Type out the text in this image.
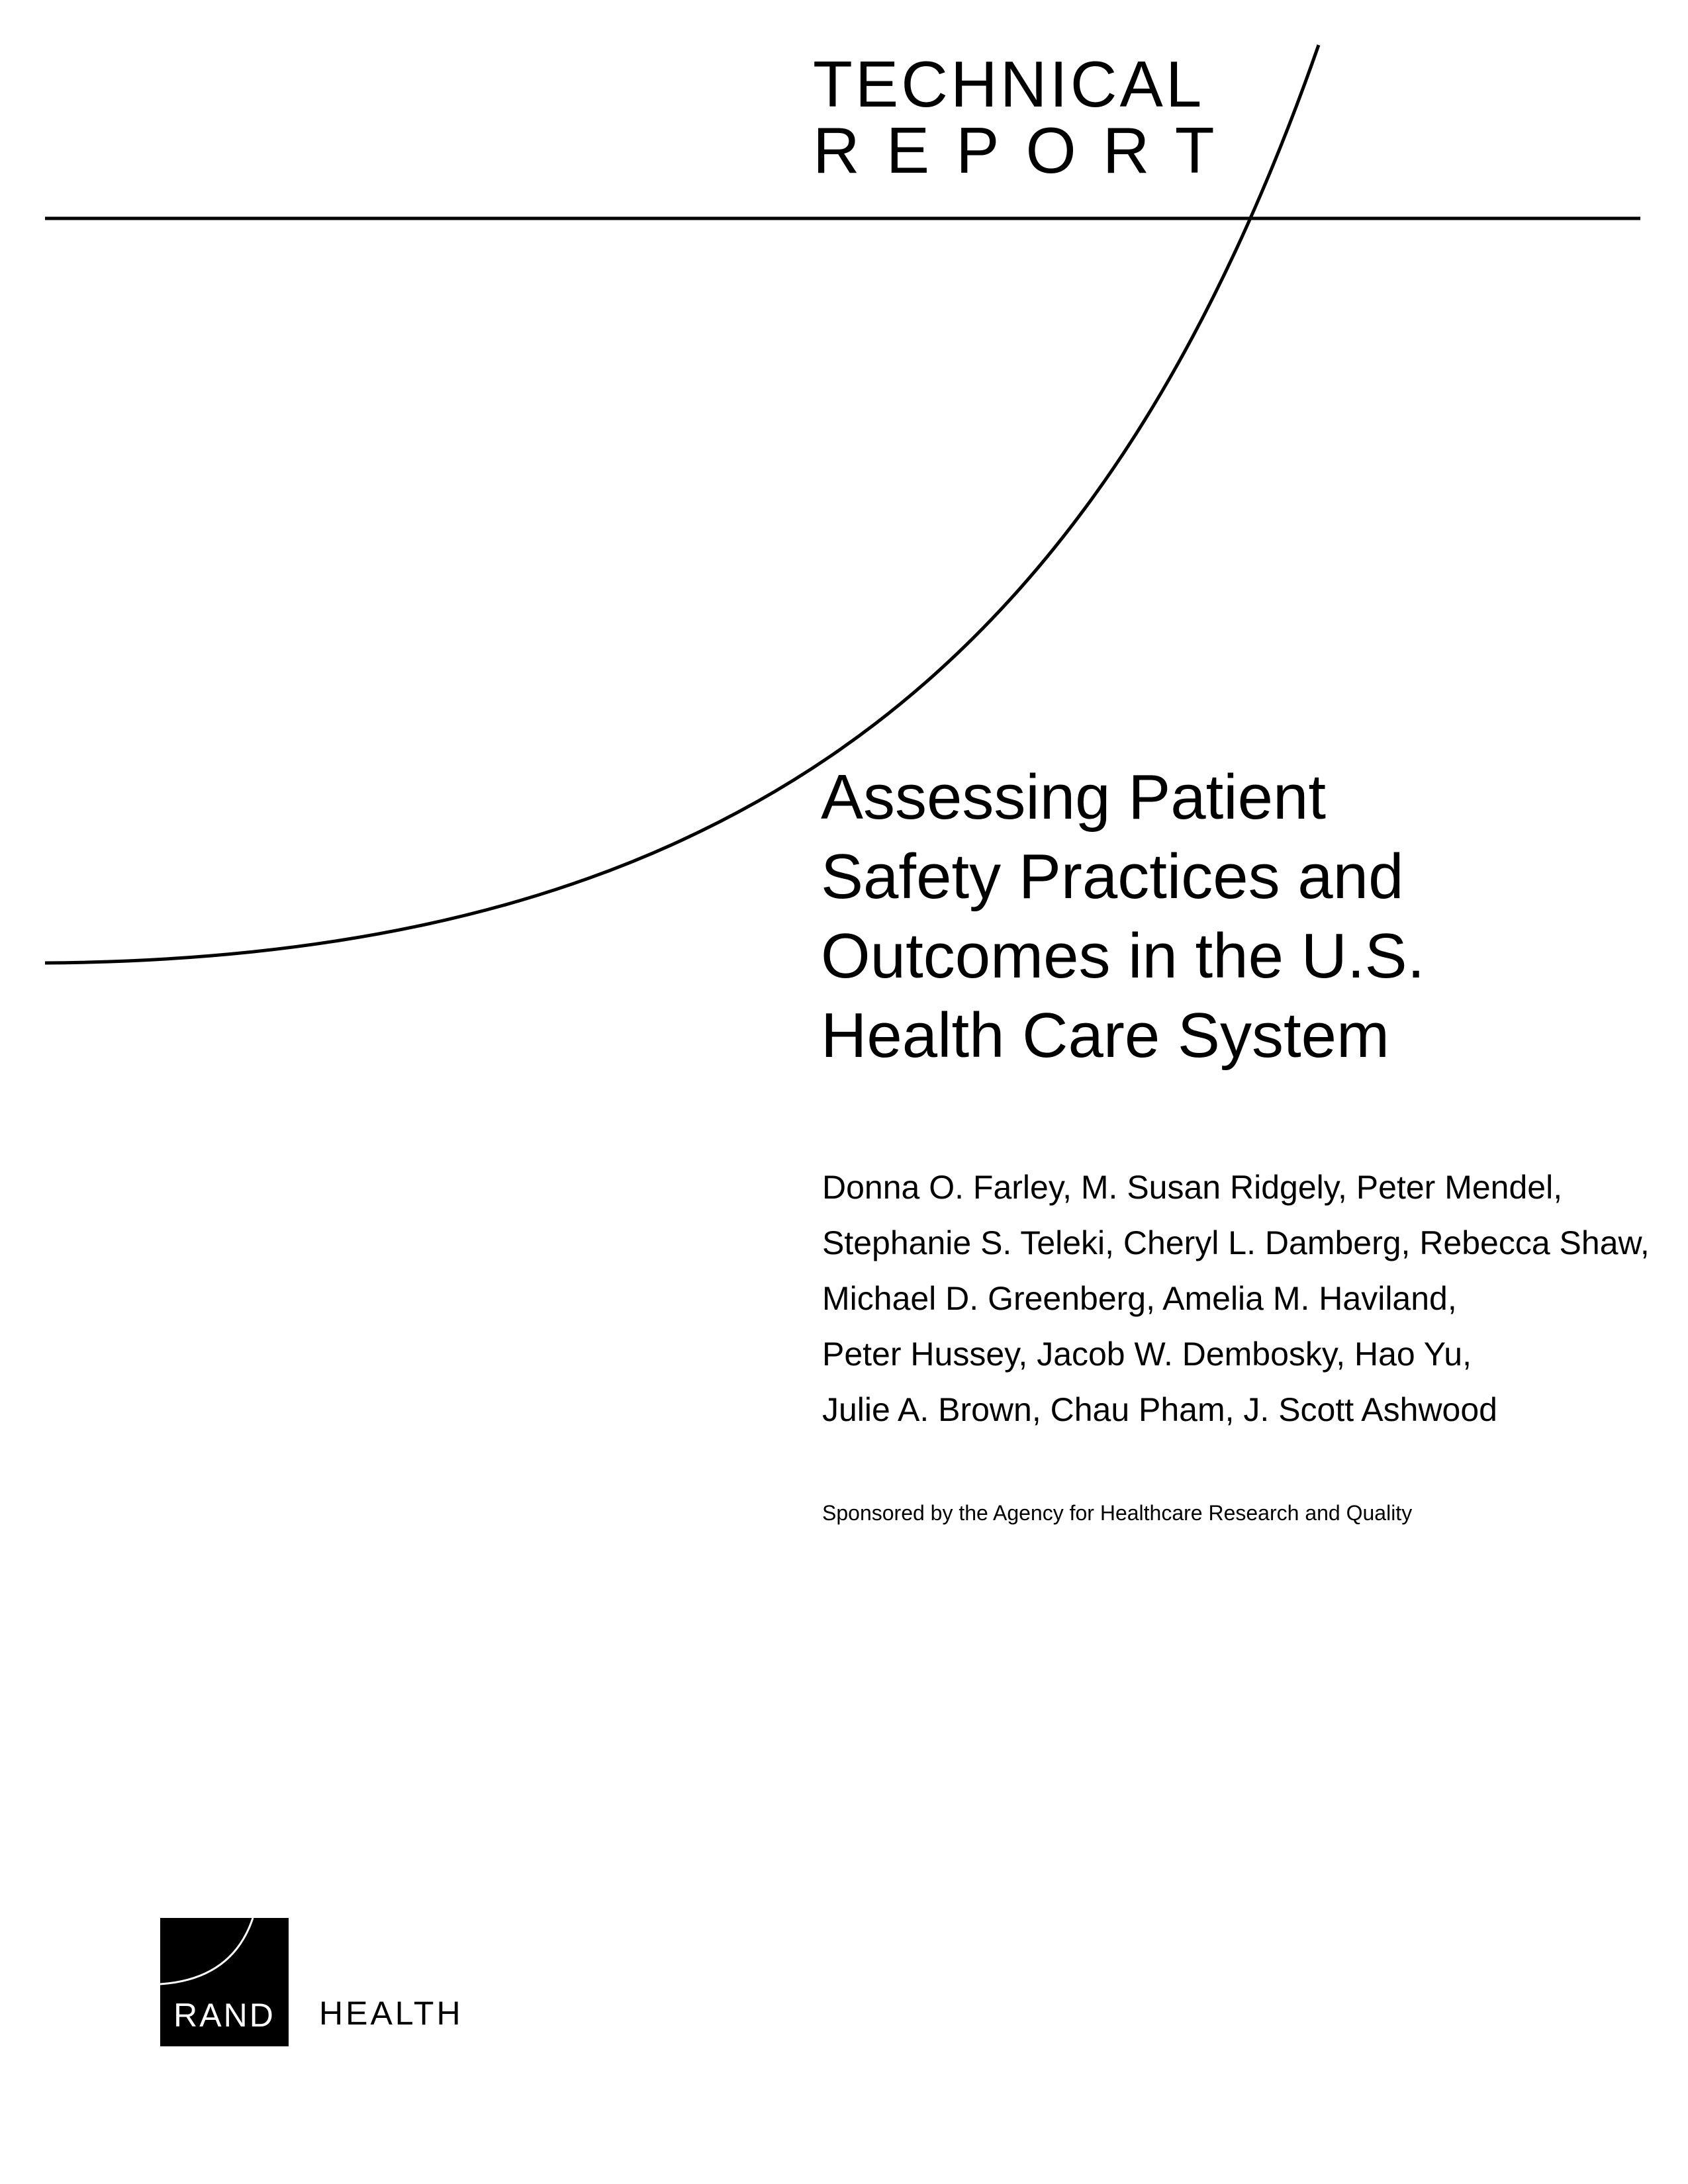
TECHNICAL
REPORT
Assessing Patient
Safety Practices and
Outcomes in the U.S.
Health Care System
Donna O. Farley, M. Susan Ridgely, Peter Mendel,
Stephanie S. Teleki, Cheryl L. Damberg, Rebecca Shaw,
Michael D. Greenberg, Amelia M. Haviland,
Peter Hussey, Jacob W. Dembosky, Hao Yu,
Julie A. Brown, Chau Pham, J. Scott Ashwood
Sponsored by the Agency for Healthcare Research and Quality
RAND	HEALTH
